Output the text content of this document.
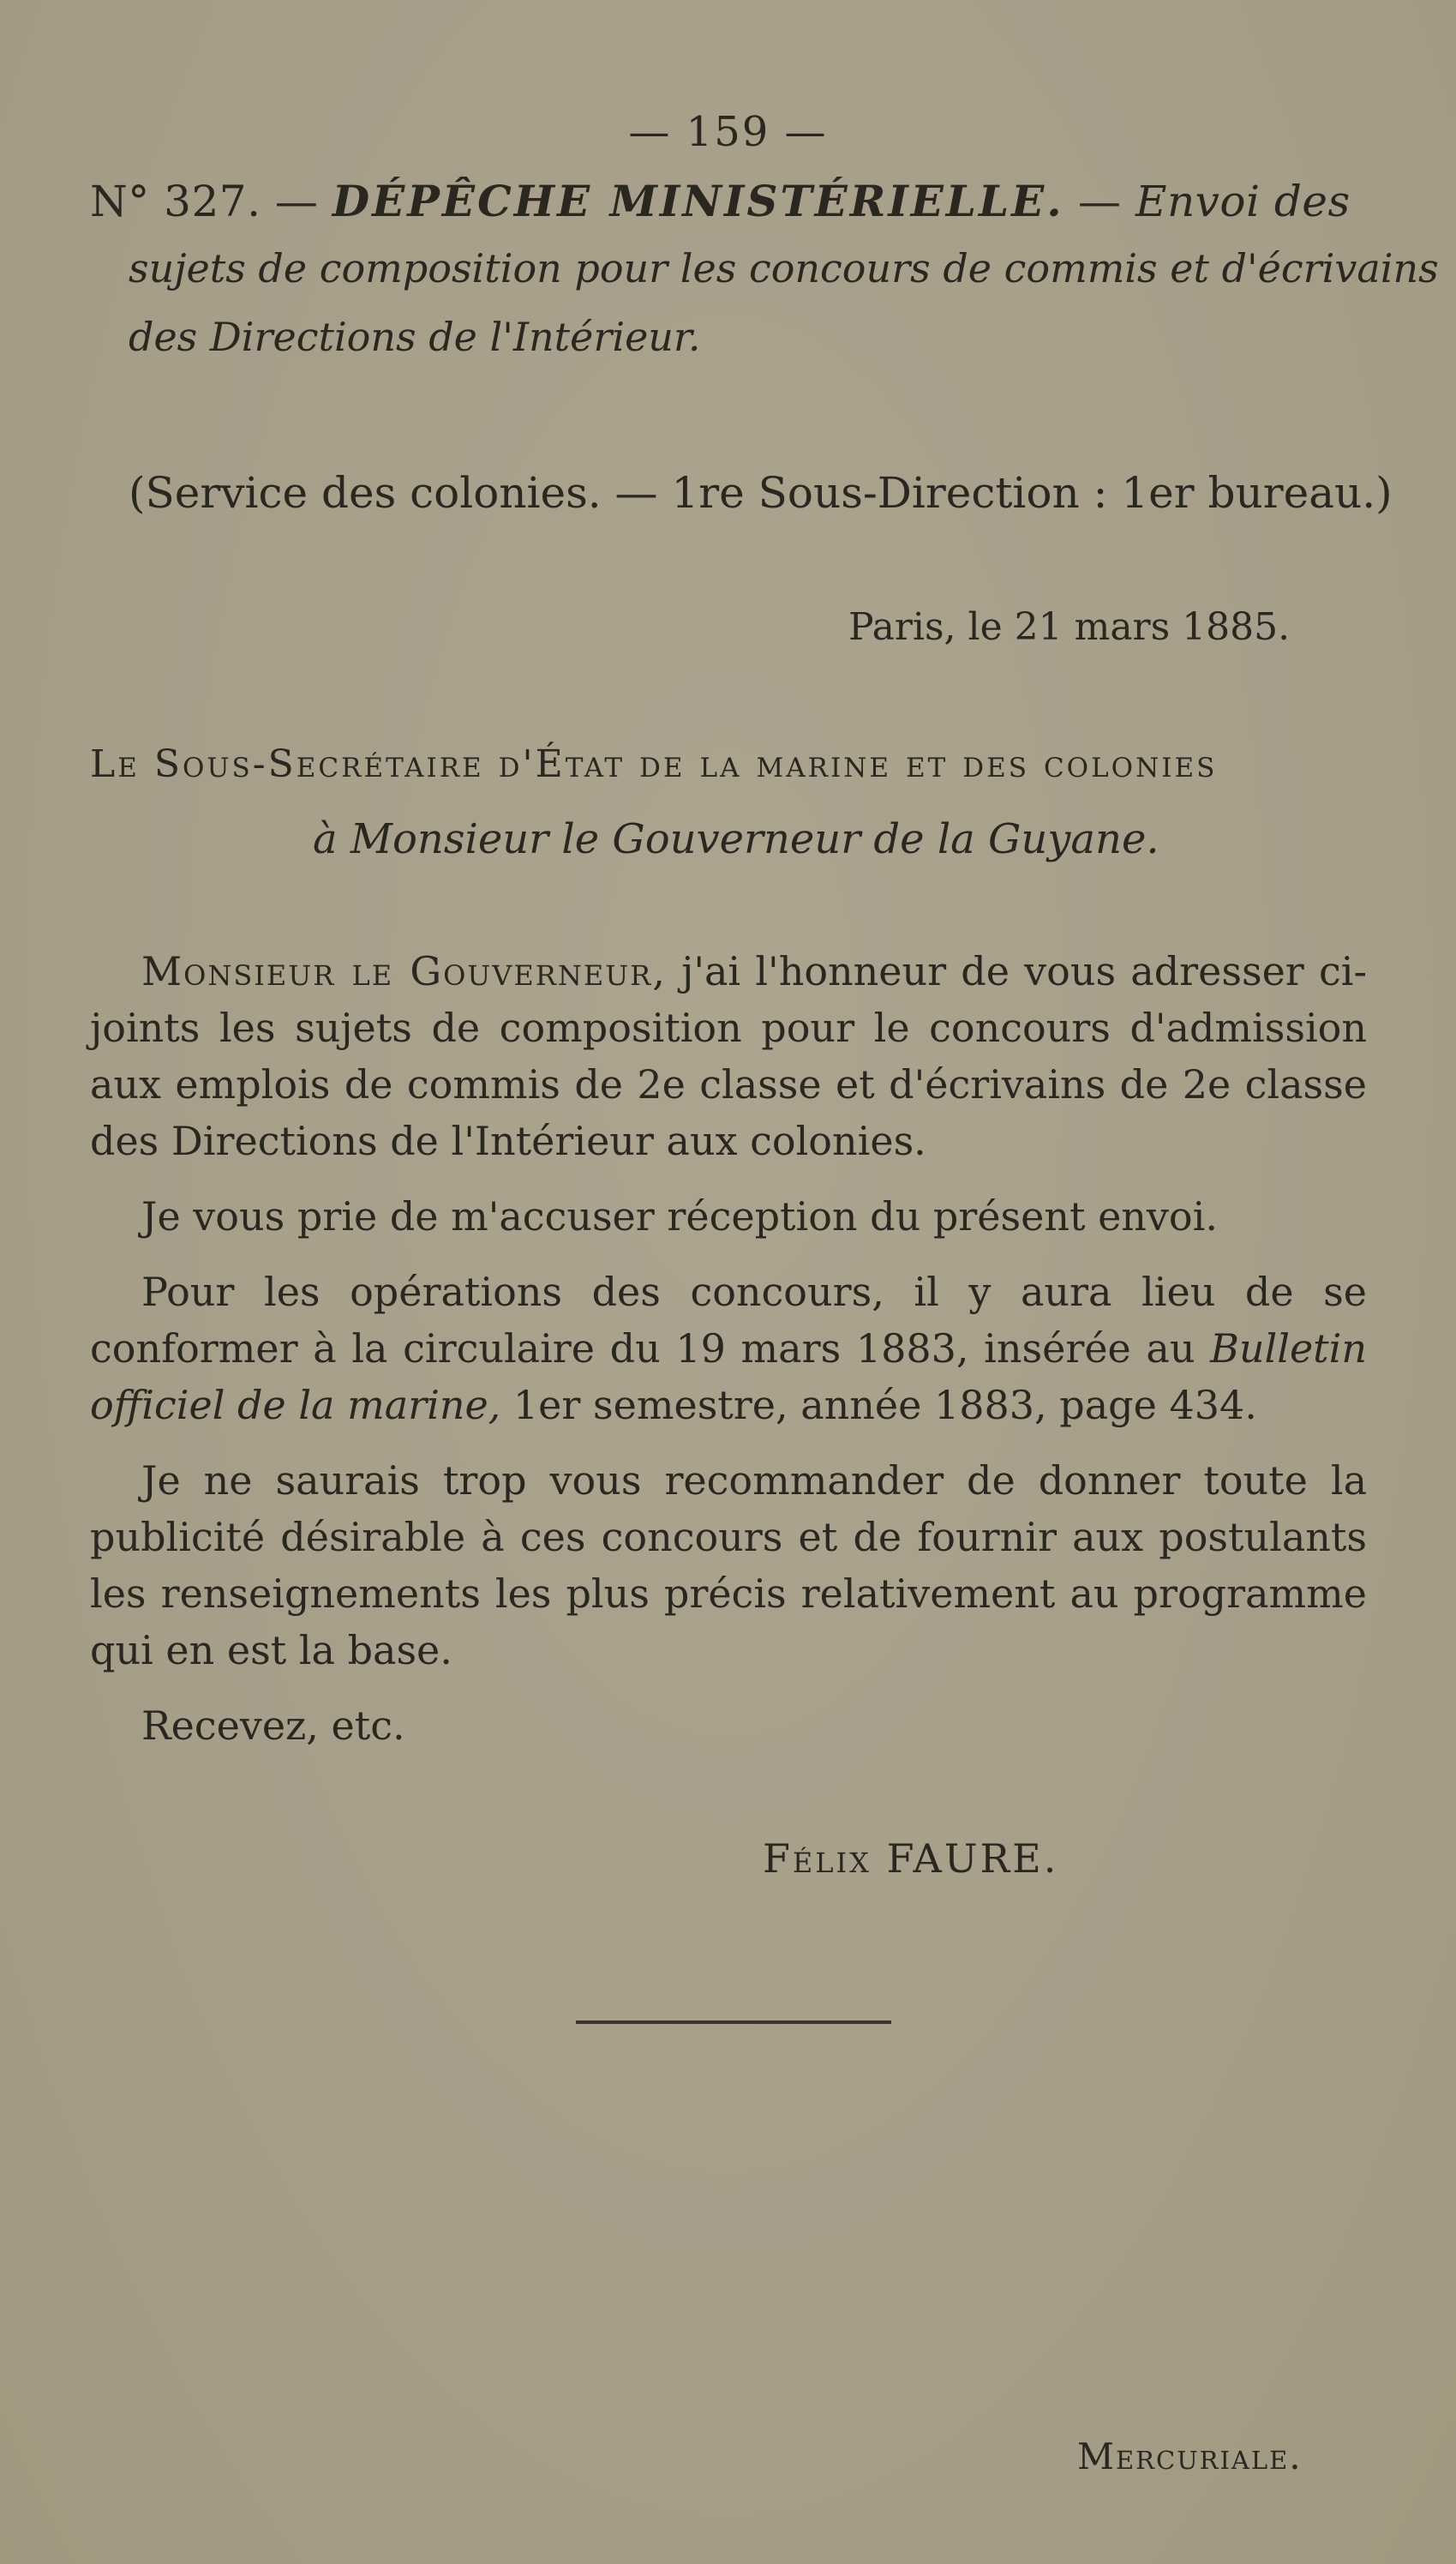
— 159 —
N° 327. — DÉPÊCHE MINISTÉRIELLE. — Envoi des
sujets de composition pour les concours de commis et d'écrivains
des Directions de l'Intérieur.
(Service des colonies. — 1re Sous-Direction : 1er bureau.)
Paris, le 21 mars 1885.
Le Sous-Secrétaire d'État de la marine et des colonies
à Monsieur le Gouverneur de la Guyane.

Monsieur le Gouverneur, j'ai l'honneur de vous adresser ci-joints les sujets de composition pour le concours d'admission aux emplois de commis de 2e classe et d'écrivains de 2e classe des Directions de l'Intérieur aux colonies.

Je vous prie de m'accuser réception du présent envoi.

Pour les opérations des concours, il y aura lieu de se conformer à la circulaire du 19 mars 1883, insérée au Bulletin officiel de la marine, 1er semestre, année 1883, page 434.

Je ne saurais trop vous recommander de donner toute la publicité désirable à ces concours et de fournir aux postulants les renseignements les plus précis relativement au programme qui en est la base.

Recevez, etc.

Félix FAURE.
Mercuriale.
